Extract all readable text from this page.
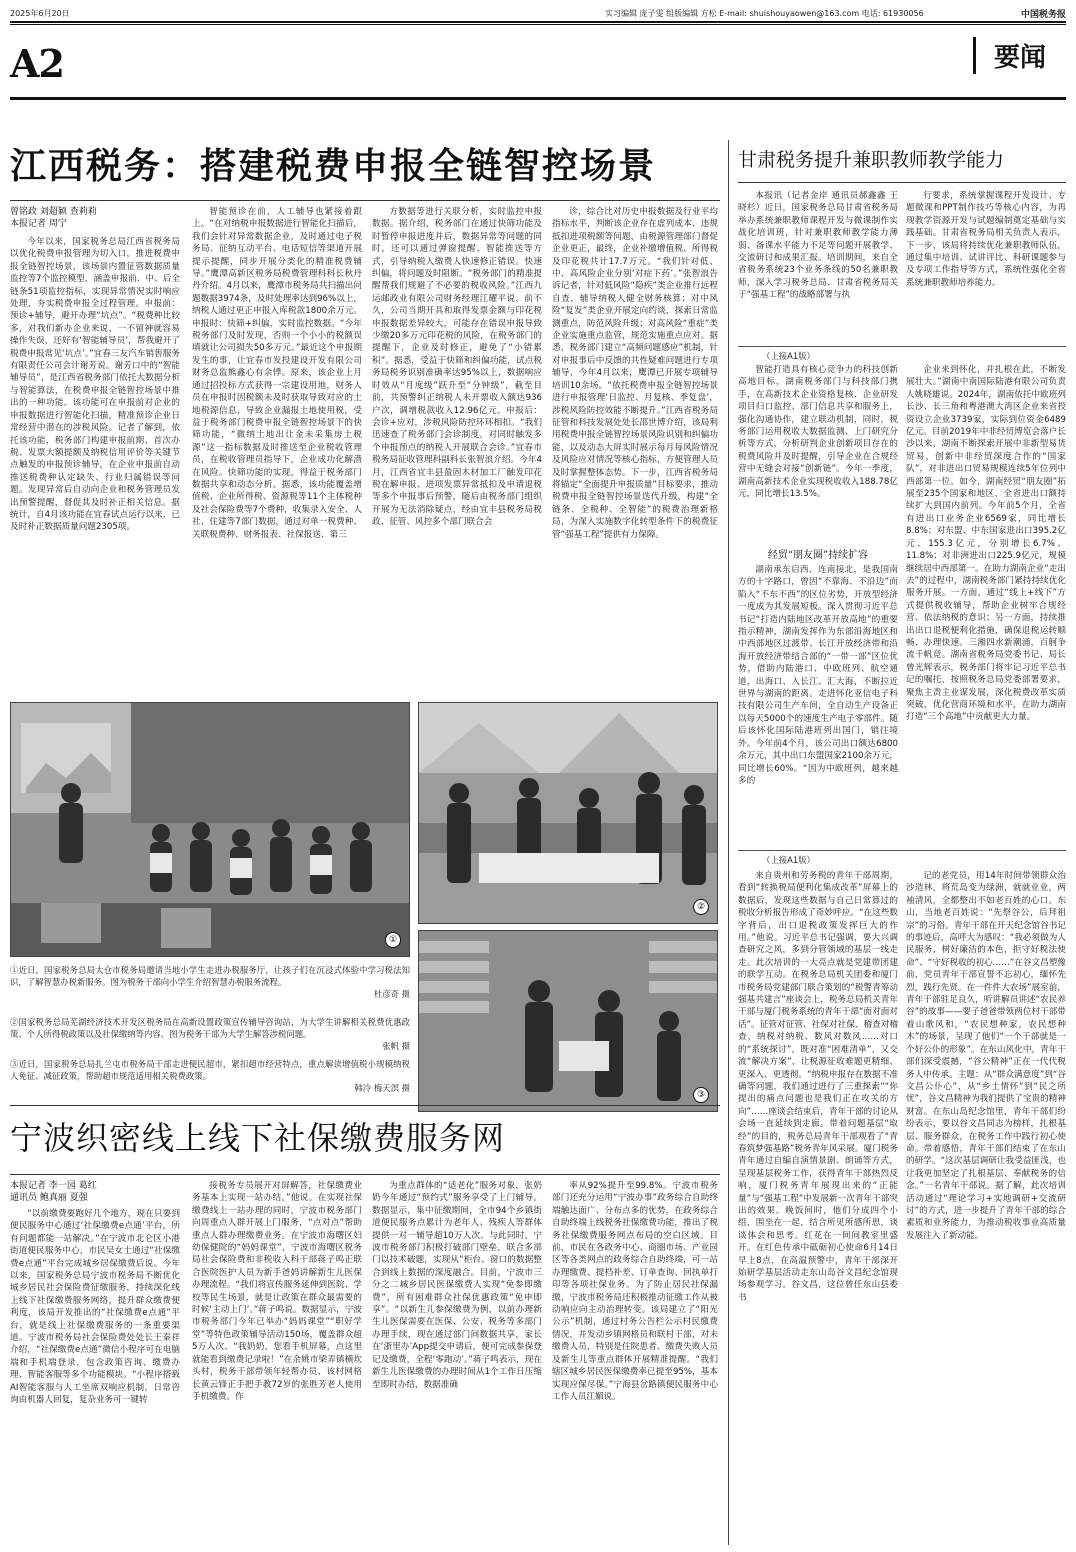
2025年6月20日	实习编辑 庞子雯 组版编辑 方松 E-mail: shuishouyaowen@163.com 电话: 61930056	中国税务报
A2	要闻
江西税务：搭建税费申报全链智控场景
曾铭政 刘超颖 查莉莉
本报记者 周宁

今年以来，国家税务总局江西省税务局以优化税费申报管理为切入口，推进税费申报全链智控场景，该场景内置征管数据质量监控等7个监控模型，涵盖申报前、中、后全链条51项监控指标，实现异常情况实时响应处理，夯实税费申报全过程管理。申报前：预诊+辅导，避开办理“坑点”。“税费种比较多，对我们新办企业来说，一不留神就容易操作失误，还好有‘智能辅导员’，帮我避开了税费申报常见‘坑点’。”宜春三友汽车销售服务有限责任公司会计谢芳说。谢芳口中的“智能辅导员”，是江西省税务部门依托大数据分析与智能算法，在税费申报全链智控场景中推出的一种功能。该功能可在申报前对企业的申报数据进行智能化扫描，精准预诊企业日常经营中潜在的涉税风险。记者了解到，依托该功能，税务部门构建申报前期、首次办税、发票大额提额及纳税信用评价等关键节点触发的申报预诊辅导，在企业申报前自动推送税费种认定缺失、行业归属错误等问题。发现异常后自动向企业和税务管理员发出预警提醒，督促其及时补正相关信息。据统计，自4月该功能在宜春试点运行以来，已及时补正数据质量问题2305项。

智能预诊在前，人工辅导也紧接着跟上。“在对纳税申报数据进行智能化扫描后，我们会针对异常数据企业，及时通过电子税务局、征纳互动平台、电话短信等渠道开展提示提醒，同步开展分类化的精准税费辅导。”鹰潭高新区税务局税费管理科科长秋丹丹介绍。4月以来，鹰潭市税务局共扫描出问题数据3974条，及时处理率达到96%以上，纳税人通过更正申报入库税款1800余万元。申报时：快筛+纠偏，实时监控数据。“今年税务部门及时发现，否则一个小小的税额误填就让公司损失50多万元。”最近这个申报期发生的事，让宜春市发投建设开发有限公司财务总监熊鑫心有余悸。原来，该企业上月通过招投标方式获得一宗建设用地，财务人员在申报时因税额未及时获取导致对应的土地税源信息，导致企业漏报土地使用税，受益于税务部门税费申报全链智控场景下的快筛功能，“微纳土地出让金未采集房土税源”这一指标数据及时推送至企业税收管理员，在税收管理员指导下，企业成功化解潜在风险。快筛功能的实现，得益于税务部门数据共享和动态分析。据悉，该功能覆盖增值税、企业所得税、资源税等11个主体税种及社会保险费等7个费种，收集录入安全、人社、住建等7部门数据，通过对单一税费种、关联税费种、财务报表、社保报送、第三

方数据等进行关联分析，实时监控申报数据。据介绍，税务部门在通过快筛功能及时暂停申报进度并后，数据异常等问题的同时，还可以通过弹窗提醒、智能推送等方式，引导纳税人缴费人快速修正错误。快速纠偏，将问题及时阻断。“税务部门的精准提醒帮我们规避了不必要的税收风险。”江西九运邮政业有限公司财务经理江耀平说，前不久，公司当期开具和取得发票金额与印花税申报数据差异较大，可能存在错误申报导致少缴20多万元印花税的风险，在税务部门的提醒下，企业及时修正，避免了“小错累积”。据悉，受益于快筛和纠偏功能，试点税务局税务识别准确率达95%以上，数据响应时效从“月度级”跃升至“分钟级”，截至目前，共预警纠正纳税人未开票收入额达936户次，调增税款收入12.96亿元。申报后：会诊+应对，涉税风险防控环环相扣。“我们迅速查了税务部门会诊制度，对同时触发多个申报预点的纳税人开展联合会诊。”宜春市税务局征收管理科副科长张智浪介绍。今年4月，江西省宜丰县盈固木材加工厂触发印花税在解申报、进项发票异常抵扣及申请退税等多个申报事后预警，随后由税务部门组织开展为无法消除疑点，经由宜丰县税务局税政、征管、风控多个部门联合会

诊，综合比对历史申报数据及行业平均指标水平，判断该企业存在虚列成本、违规抵扣进项税额等问题，由税源管理部门督促企业更正，最终，企业补缴增值税、所得税及印花税共计17.7万元。“我们针对低、中、高风险企业分别‘对症下药’。”张智浪告诉记者，针对低风险“隐疾”类企业推行远程自查，辅导纳税人健全财务核算；对中风险“复发”类企业开展定向约谈，探索日常监测重点，防范风险升级；对高风险“重症”类企业实施重点监管，规范实施重点应对。据悉，税务部门建立“高频问题感应”机制，针对申报事后中反馈的共性疑难问题进行专项辅导，今年4月以来，鹰潭已开展专项辅导培训10余场。“依托税费申报全链智控场景进行申报管理‘日监控、月复核、季复盘’，涉税风险防控效能不断提升。”江西省税务局征管和科技发展处处长邵世博介绍，该局利用税费申报全链智控场景风险识别和纠偏功能，以及动态大屏实时展示每月每风险情况及风险应对情况等核心指标，方便管理人员及时掌握整体态势。下一步，江西省税务局将锚定“全面提升申报质量”目标要求，推动税费申报全链智控场景迭代升级，构建“全链条、全税种、全智能”的税费治理新格局，为深入实施数字化转型条件下的税费征管“强基工程”提供有力保障。

①
②
③
①近日，国家税务总局大仓市税务局邀请当地小学生走进办税服务厅，让孩子们在沉浸式体验中学习税法知识，了解智慧办税新服务。图为税务干部向小学生介绍智慧办税服务流程。
杜彦奇 摄
②国家税务总局芜湖经济技术开发区税务局在高新设置政策宣传辅导咨询站，为大学生讲解相关税费优惠政策、个人所得税政策以及社保缴纳等内容。图为税务干部为大学生解答涉税问题。
张帆 摄
③近日，国家税务总局扎兰屯市税务局干部走进便民超市，紧扣超市经营特点，重点解读增值税小规模纳税人免征、减征政策，帮助超市规范适用相关税费政策。
韩冷 梅天溟 摄
宁波织密线上线下社保缴费服务网
本报记者 李一园 葛红
通讯员 鲍真丽 夏强

“以前缴费要跑好几个地方，现在只要到便民服务中心通过‘社保缴费e点通’平台，所有问题都能一站解决。”在宁波市北仑区小港街道便民服务中心，市民吴女士通过“社保缴费e点通”平台完成城乡居保缴费后说。今年以来，国家税务总局宁波市税务局不断优化城乡居民社会保险费征缴服务，持续深化线上线下社保缴费服务网络，提升群众缴费便利度，该局开发推出的“社保缴费e点通”平台，就是线上社保缴费服务的一条重要渠道。宁波市税务局社会保险费处处长王秦祥介绍，“社保缴费e点通”微信小程序可在电脑端和手机端登录，包含政策咨询、缴费办理、智能客服等多个功能模块。“小程序搭载AI智能客服与人工坐席双响应机制，日常咨询由机器人回复，复杂业务可一键转

接税务专员展开对屏解答，社保缴费业务基本上实现一站办结。”他说。在实现社保缴费线上一站办理的同时，宁波市税务部门向周重点人群开展上门服务，“点对点”帮助重点人群办理缴费业务。在宁波市海曙区妇幼保健院的“妈妈课堂”，宁波市海曙区税务局社会保险费和非税收入科干部蒋子鸣正联合医院医护人员为新手爸妈讲解新生儿医保办理流程。“我们将宣传服务延伸到医院、学校等民生场景，就是让政策在群众最需要的时候‘主动上门’。”蒋子鸣说。数据显示，宁波市税务部门今年已举办“妈妈课堂”“职好学堂”等特色政策辅导活动150场，覆盖群众超5万人次。“我奶奶，您看手机屏幕，点这里就能看到缴费记录啦！”在余姚市梁弄镇横坎头村，税务干部带领年轻帮办员、该村网格长黄云锋正手把手教72岁的张胜芳老人使用手机缴费。作

为重点群体的“适老化”服务对象，张奶奶今年通过“预约式”服务享受了上门辅导。数据显示，集中征缴期间，全市94个乡镇街道便民服务点累计为老年人、残疾人等群体提供一对一辅导超10万人次。与此同时，宁波市税务部门积极打破部门壁垒，联合多部门以技术破题，实现从“柜台、窗口的数据整合到线上数据的深度融合。目前，宁波市三分之二城乡居民医保缴费人实现“免参即缴费”，所有困难群众社保优惠政策“免申即享”。“以新生儿参保缴费为例，以前办理新生儿医保需要在医保、公安、税务等多部门办理手续，现在通过部门间数据共享，家长在‘浙里办’App提交申请后，便可完成参保登记及缴费，全程‘零跑动’。”蒋子鸣表示，现在新生儿医保缴费的办理时间从1个工作日压缩至即时办结，数据准确

率从92%提升至99.8%。宁波市税务部门还充分运用“宁波办事”政务综合自助终端触达面广、分布点多的优势，在政务综合自助终端上线税务社保缴费功能，推出了税务社保缴费服务网点布局的空白区域。目前，市民在各政务中心、商圈市场、产业园区等各类网点的政务综合自助终端，可一站办理缴费、提档补差、订单查询、回执单打印等各项社保业务。为了防止居民社保漏缴，宁波市税务局还积极推动征缴工作从被动响应向主动治理转变。该局建立了“阳光公示”机制，通过村务公告栏公示村民缴费情况，并发动乡镇网格员和联村干部，对未缴费人员，特别是住院患者、缴费失败人员及新生儿等重点群体开展精准提醒。“我们辖区城乡居民医保缴费率已提至95%，基本实现应保尽保。”宁海县岔路镇便民服务中心工作人员江媚说。

甘肃税务提升兼职教师教学能力

本报讯（记者金岸 通讯员郝鑫鑫 王晓杉）近日，国家税务总局甘肃省税务局举办系统兼职教师课程开发与微课制作实战化培训班，针对兼职教师教学能力薄弱、备课水平能力不足等问题开展教学、交流研讨和成果汇报。培训期间，来自全省税务系统23个业务条线的50名兼职教师，深入学习税务总局、甘肃省税务局关于“强基工程”的战略部署与执

行要求，系统掌握课程开发设计、专题微课和PPT制作技巧等核心内容，为再现教学资源开发与试题编制奠定基础与实践基础。甘肃省税务局相关负责人表示，下一步，该局将持续优化兼职教师队伍，通过集中培训、试讲评比、科研课题参与及专项工作指导等方式，系统性强化全省系统兼职教师培养能力。

（上接A1版）

智能打造具有核心竞争力的科技创新高地目标，湖南税务部门与科技部门携手，在高新技术企业资格复核、企业研发项目归口监控、部门信息共享和服务上，强化沟通协作，建立联动机制，同时，税务部门运用税收大数据监测、上门研究分析等方式，分析研判企业创新项目存在的税费风险并及时提醒，引导企业在合规经营中无缝会对接“创新链”。今年一季度，湖南高新技术企业实现税收收入188.78亿元，同比增长13.5%。

经贸“朋友圈”持续扩容

湖南承东启西、连南接北，是我国南方的十字路口，曾因“不靠海、不沿边”而陷入“不东不西”的区位劣势，开放型经济一度成为其发展短板。深入贯彻习近平总书记“打造内陆地区改革开放高地”的重要指示精神，湖南发挥作为东部沿海地区和中西部地区过渡带、长江开放经济带和沿海开放经济带结合部的“一带一部”区位优势，借助内陆港口、中欧班列、航空通道，出海口、入长江、汇大海，不断拉近世界与湖南的距离。走进怀化亚信电子科技有限公司生产车间，全自动生产设备正以每天5000个的速度生产电子零部件。随后该怀化国际陆港班列出国门，销往境外。今年前4个月，该公司出口额达6800余万元，其中出口东盟国家2100余万元，同比增长60%。“因为中欧班列，越来越多的

企业来到怀化，并扎根在此，不断发展壮大。”湖南中南国际陆港有限公司负责人姚晓雄说。2024年，湖南依托中欧班列长沙、长三角和粤港澳大湾区企业来省投资设立企业3739家，实际到位资金6489亿元。目前2019年中非经贸博览会落户长沙以来，湖南不断探索开展中非新型易货贸易，创新中非经贸深度合作的“国家队”，对非进出口贸易规模连续5年位列中西部第一位。如今，湖南经贸“朋友圈”拓展至235个国家和地区，全省进出口额持续扩大到国内前列。今年前5个月，全省有进出口业务企业6569家，同比增长8.8%；对东盟、中东国家进出口395.2亿元、155.3亿元，分别增长6.7%、11.8%；对非洲进出口225.9亿元，规模继续居中西部第一。在助力湖南企业“走出去”的过程中，湖南税务部门紧持持续优化服务开展。一方面，通过“线上+线下”方式提供税收辅导，帮助企业树牢合规经营、依法纳税的意识；另一方面，持续推出出口退税便利化措施，确保退税运转顺畅、办理快速。三湘四水新潮涌，百舸争流千帆竞。湖南省税务局党委书记、局长曾光辉表示，税务部门将牢记习近平总书记的嘱托，按照税务总局党委部署要求，聚焦主责主业谋发展，深化税费改革实质突破，优化营商环境和水平，在助力湖南打造“三个高地”中贡献更大力量。

（上接A1版）

来自贵州和劳务税的青年干部周期，看到“转换税局便利化集成改革”屏幕上的数据后，发现这些数据与自己日常算过的税收分析报告形成了奇妙呼应。“在这些数字背后，出口退税政策发挥巨大的作用。”他说。习近平总书记强调，要大兴调查研究之风，多到分管领域的基层一线走走。此次培训的一大亮点就是党建带团建的联学互动。在税务总局机关团委和厦门市税务局党建部门联合策划的“税警青筹动 强基共建言”座谈会上，税务总局机关青年干部与厦门税务系统的青年干部“面对面对话”。征管对征管、社保对社保、稽查对稽查，纳税对纳税、数风对数风……对口的“系统探讨”，既对准“困难清单”，又交流“解决方案”，让税源征收难题更精细、更深入、更透彻。“纳税申报存在数据不准确等问题，我们通过进行了三重探索”“你提出的痛点问题也是我们正在攻关的方向”……座谈会结束后，青年干部的讨论从会场一直延续到走廊。带着问题基层“取经”的目的，税务总局青年干部观看了“青春筑梦强基路”税务青年风采展。厦门税务青年通过自编自演情景剧、朗诵等方式，呈现基层税务工作，获得青年干部热烈反响，厦门税务青年展现出来的“正能量”与“强基工程”中发展新一次青年干部突出的效果。晚饭间时，他们分成四个小组，围坐在一起，结合所见所感所思，谈谈体会和思考。红花在一间间教室里盛开。在红色传承中砥砺初心使命6月14日早上8点，在高温预警中，青年干部深开始研学基层活动走东山岛谷文昌纪念馆现场参观学习。谷文昌，这位曾任东山县委书

记的老党员，用14年时间带领群众治沙造林，将荒岛变为绿洲，就就业业，两袖清风，全都整出不如老百姓的心口。东山，当地老百姓说：“先祭谷公，后拜祖宗”的习俗。青年干部在开天纪念馆谷书记的事迹后，高呼大为感叹：“我必须做为人民服务，树好廉洁的本色，拒守好税法使命”、“守好税收的初心……”在谷文昌塑像前，党员青年干部宣誓不忘初心，缅怀先烈，践行先贤。在一件件大农场”展室前，青年干部驻足良久，听讲解员讲述“农民养谷”的故事——要子爸爸带领两位村干部带着山歌风和，“农民想种家，农民想种木”的场景，呈现了他们“一个干部就是一个好公仆的形象”。在东山风化中，青年干部们深受震撼，“谷公精神”正在一代代税务人中传承。主题：从“群众满意度”到“谷文昌公仆心”，从“乡土情怀”到“民之所忧”，谷文昌精神为我们提供了宝贵的精神财富。在东山岛纪念馆里，青年干部们纷纷表示，要以谷文昌同志为榜样，扎根基层、服务群众，在税务工作中践行初心使命。带着感悟，青年干部们结束了在东山的研学。“这次基层调研让我受益匪浅，也让我更加坚定了扎根基层、奉献税务的信念。”一名青年干部说。据了解，此次培训活动通过“理论学习+实地调研+交流研讨”的方式，进一步提升了青年干部的综合素质和业务能力，为推动税收事业高质量发展注入了新动能。
